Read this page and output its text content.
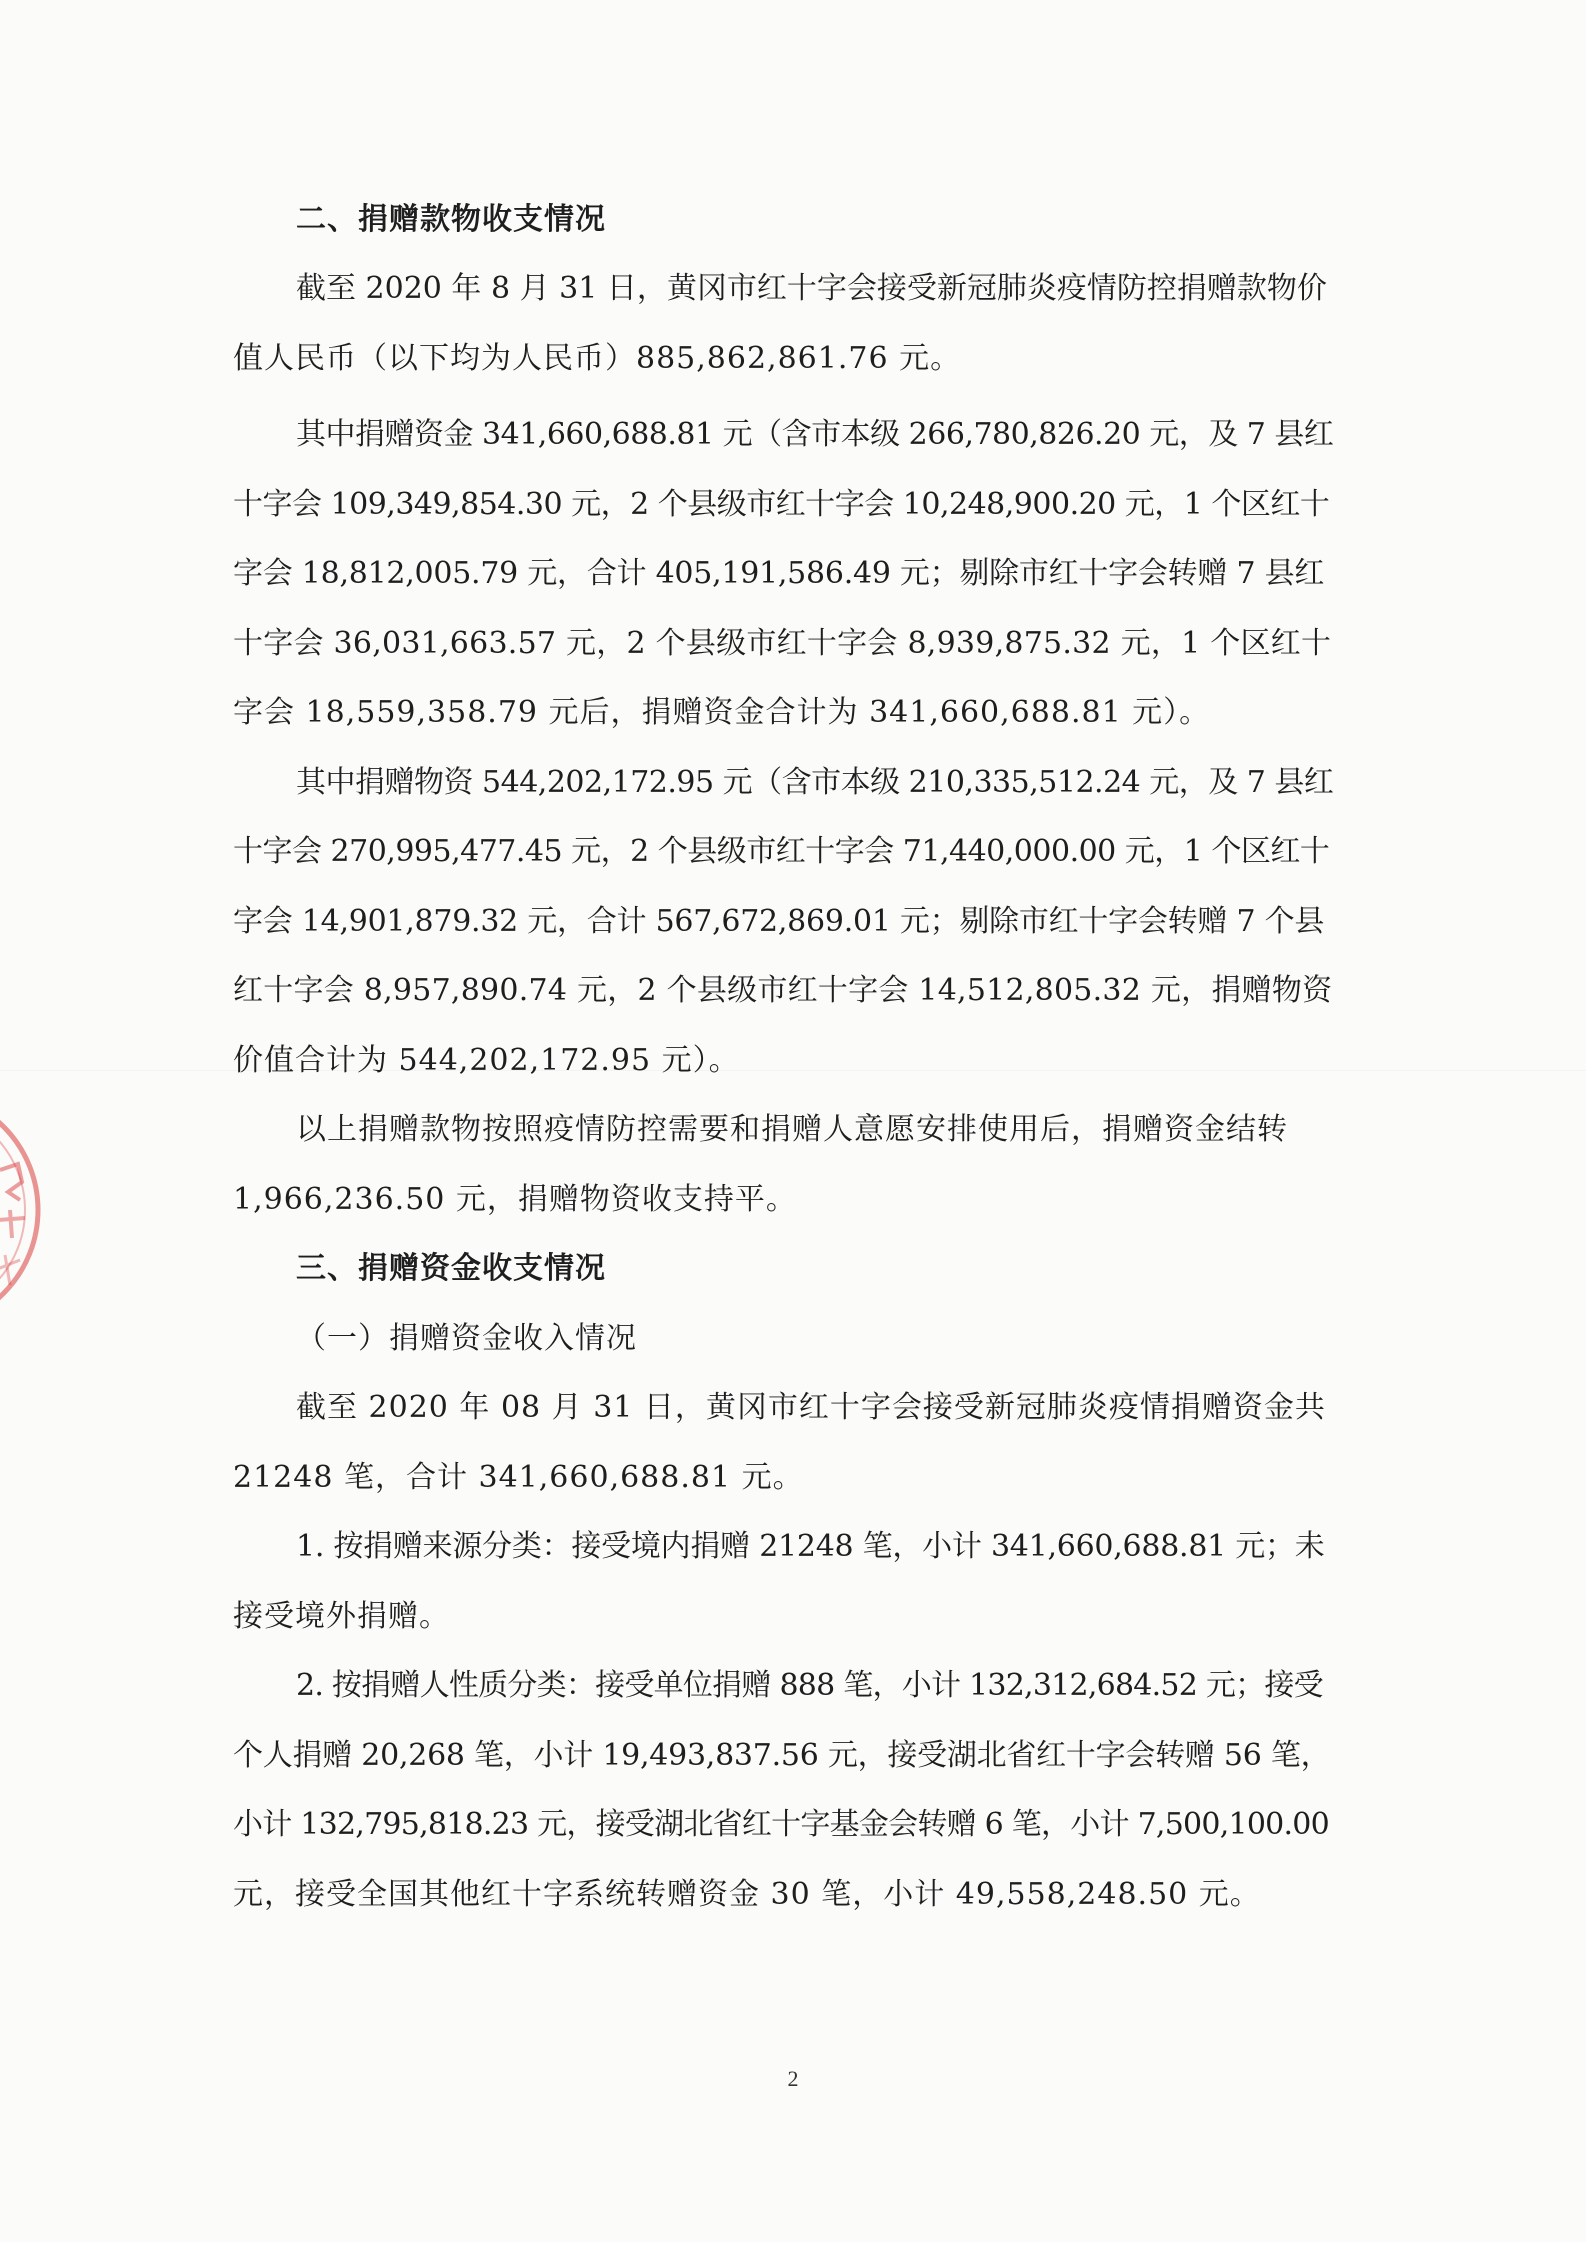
二、捐赠款物收支情况
截至 2020 年 8 月 31 日，黄冈市红十字会接受新冠肺炎疫情防控捐赠款物价
值人民币（以下均为人民币）885,862,861.76 元。
其中捐赠资金 341,660,688.81 元（含市本级 266,780,826.20 元，及 7 县红
十字会 109,349,854.30 元，2 个县级市红十字会 10,248,900.20 元，1 个区红十
字会 18,812,005.79 元，合计 405,191,586.49 元；剔除市红十字会转赠 7 县红
十字会 36,031,663.57 元，2 个县级市红十字会 8,939,875.32 元，1 个区红十
字会 18,559,358.79 元后，捐赠资金合计为 341,660,688.81 元）。
其中捐赠物资 544,202,172.95 元（含市本级 210,335,512.24 元，及 7 县红
十字会 270,995,477.45 元，2 个县级市红十字会 71,440,000.00 元，1 个区红十
字会 14,901,879.32 元，合计 567,672,869.01 元；剔除市红十字会转赠 7 个县
红十字会 8,957,890.74 元，2 个县级市红十字会 14,512,805.32 元，捐赠物资
价值合计为 544,202,172.95 元）。
以上捐赠款物按照疫情防控需要和捐赠人意愿安排使用后，捐赠资金结转
1,966,236.50 元，捐赠物资收支持平。
三、捐赠资金收支情况
（一）捐赠资金收入情况
截至 2020 年 08 月 31 日，黄冈市红十字会接受新冠肺炎疫情捐赠资金共
21248 笔，合计 341,660,688.81 元。
1. 按捐赠来源分类：接受境内捐赠 21248 笔，小计 341,660,688.81 元；未
接受境外捐赠。
2. 按捐赠人性质分类：接受单位捐赠 888 笔，小计 132,312,684.52 元；接受
个人捐赠 20,268 笔，小计 19,493,837.56 元，接受湖北省红十字会转赠 56 笔，
小计 132,795,818.23 元，接受湖北省红十字基金会转赠 6 笔，小计 7,500,100.00
元，接受全国其他红十字系统转赠资金 30 笔，小计 49,558,248.50 元。
2
